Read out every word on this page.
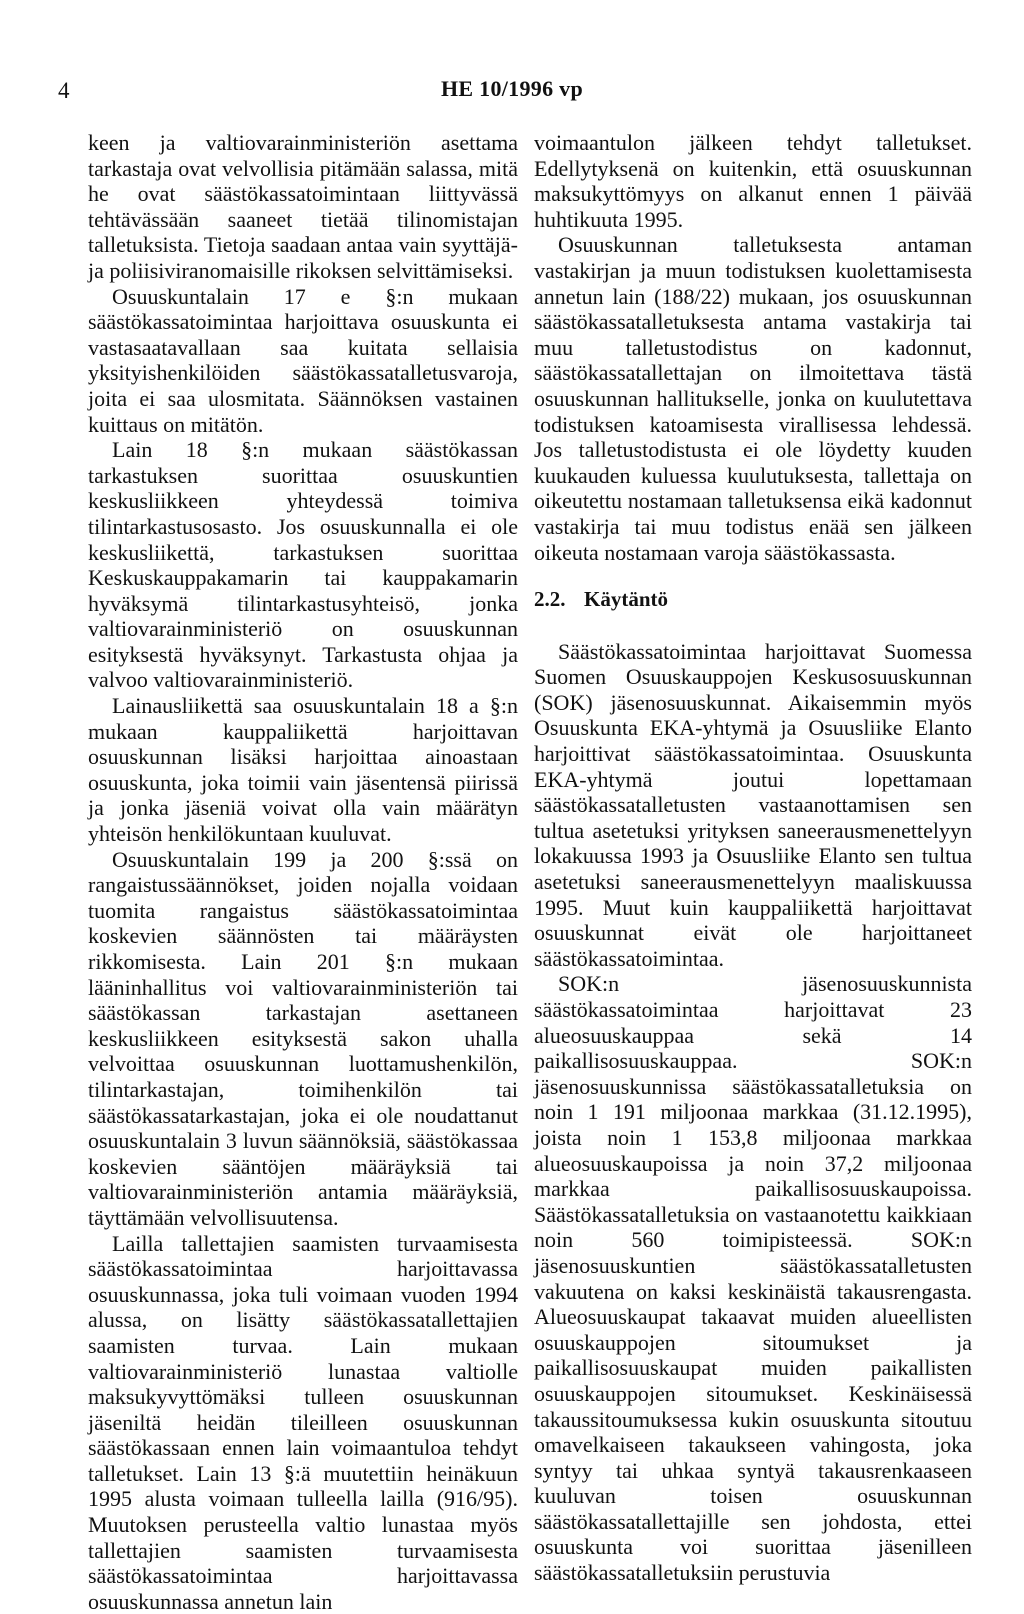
4	HE 10/1996 vp

keen ja valtiovarainministeriön asettama tarkastaja ovat velvollisia pitämään salassa, mitä he ovat säästökassatoimintaan liittyvässä tehtävässään saaneet tietää tilinomistajan talletuksista. Tietoja saadaan antaa vain syyttäjä- ja poliisiviranomaisille rikoksen selvittämiseksi.

Osuuskuntalain 17 e §:n mukaan säästökassatoimintaa harjoittava osuuskunta ei vastasaatavallaan saa kuitata sellaisia yksityishenkilöiden säästökassatalletusvaroja, joita ei saa ulosmitata. Säännöksen vastainen kuittaus on mitätön.

Lain 18 §:n mukaan säästökassan tarkastuksen suorittaa osuuskuntien keskusliikkeen yhteydessä toimiva tilintarkastusosasto. Jos osuuskunnalla ei ole keskusliikettä, tarkastuksen suorittaa Keskuskauppakamarin tai kauppakamarin hyväksymä tilintarkastusyhteisö, jonka valtiovarainministeriö on osuuskunnan esityksestä hyväksynyt. Tarkastusta ohjaa ja valvoo valtiovarainministeriö.

Lainausliikettä saa osuuskuntalain 18 a §:n mukaan kauppaliikettä harjoittavan osuuskunnan lisäksi harjoittaa ainoastaan osuuskunta, joka toimii vain jäsentensä piirissä ja jonka jäseniä voivat olla vain määrätyn yhteisön henkilökuntaan kuuluvat.

Osuuskuntalain 199 ja 200 §:ssä on rangaistussäännökset, joiden nojalla voidaan tuomita rangaistus säästökassatoimintaa koskevien säännösten tai määräysten rikkomisesta. Lain 201 §:n mukaan lääninhallitus voi valtiovarainministeriön tai säästökassan tarkastajan asettaneen keskusliikkeen esityksestä sakon uhalla velvoittaa osuuskunnan luottamushenkilön, tilintarkastajan, toimihenkilön tai säästökassatarkastajan, joka ei ole noudattanut osuuskuntalain 3 luvun säännöksiä, säästökassaa koskevien sääntöjen määräyksiä tai valtiovarainministeriön antamia määräyksiä, täyttämään velvollisuutensa.

Lailla tallettajien saamisten turvaamisesta säästökassatoimintaa harjoittavassa osuuskunnassa, joka tuli voimaan vuoden 1994 alussa, on lisätty säästökassatallettajien saamisten turvaa. Lain mukaan valtiovarainministeriö lunastaa valtiolle maksukyvyttömäksi tulleen osuuskunnan jäseniltä heidän tileilleen osuuskunnan säästökassaan ennen lain voimaantuloa tehdyt talletukset. Lain 13 §:ä muutettiin heinäkuun 1995 alusta voimaan tulleella lailla (916/95). Muutoksen perusteella valtio lunastaa myös tallettajien saamisten turvaamisesta säästökassatoimintaa harjoittavassa osuuskunnassa annetun lain

voimaantulon jälkeen tehdyt talletukset. Edellytyksenä on kuitenkin, että osuuskunnan maksukyttömyys on alkanut ennen 1 päivää huhtikuuta 1995.

Osuuskunnan talletuksesta antaman vastakirjan ja muun todistuksen kuolettamisesta annetun lain (188/22) mukaan, jos osuuskunnan säästökassatalletuksesta antama vastakirja tai muu talletustodistus on kadonnut, säästökassatallettajan on ilmoitettava tästä osuuskunnan hallitukselle, jonka on kuulutettava todistuksen katoamisesta virallisessa lehdessä. Jos talletustodistusta ei ole löydetty kuuden kuukauden kuluessa kuulutuksesta, tallettaja on oikeutettu nostamaan talletuksensa eikä kadonnut vastakirja tai muu todistus enää sen jälkeen oikeuta nostamaan varoja säästökassasta.

2.2. Käytäntö

Säästökassatoimintaa harjoittavat Suomessa Suomen Osuuskauppojen Keskusosuuskunnan (SOK) jäsenosuuskunnat. Aikaisemmin myös Osuuskunta EKA-yhtymä ja Osuusliike Elanto harjoittivat säästökassatoimintaa. Osuuskunta EKA-yhtymä joutui lopettamaan säästökassatalletusten vastaanottamisen sen tultua asetetuksi yrityksen saneerausmenettelyyn lokakuussa 1993 ja Osuusliike Elanto sen tultua asetetuksi saneerausmenettelyyn maaliskuussa 1995. Muut kuin kauppaliikettä harjoittavat osuuskunnat eivät ole harjoittaneet säästökassatoimintaa.

SOK:n jäsenosuuskunnista säästökassatoimintaa harjoittavat 23 alueosuuskauppaa sekä 14 paikallisosuuskauppaa. SOK:n jäsenosuuskunnissa säästökassatalletuksia on noin 1 191 miljoonaa markkaa (31.12.1995), joista noin 1 153,8 miljoonaa markkaa alueosuuskaupoissa ja noin 37,2 miljoonaa markkaa paikallisosuuskaupoissa. Säästökassatalletuksia on vastaanotettu kaikkiaan noin 560 toimipisteessä. SOK:n jäsenosuuskuntien säästökassatalletusten vakuutena on kaksi keskinäistä takausrengasta. Alueosuuskaupat takaavat muiden alueellisten osuuskauppojen sitoumukset ja paikallisosuuskaupat muiden paikallisten osuuskauppojen sitoumukset. Keskinäisessä takaussitoumuksessa kukin osuuskunta sitoutuu omavelkaiseen takaukseen vahingosta, joka syntyy tai uhkaa syntyä takausrenkaaseen kuuluvan toisen osuuskunnan säästökassatallettajille sen johdosta, ettei osuuskunta voi suorittaa jäsenilleen säästökassatalletuksiin perustuvia
